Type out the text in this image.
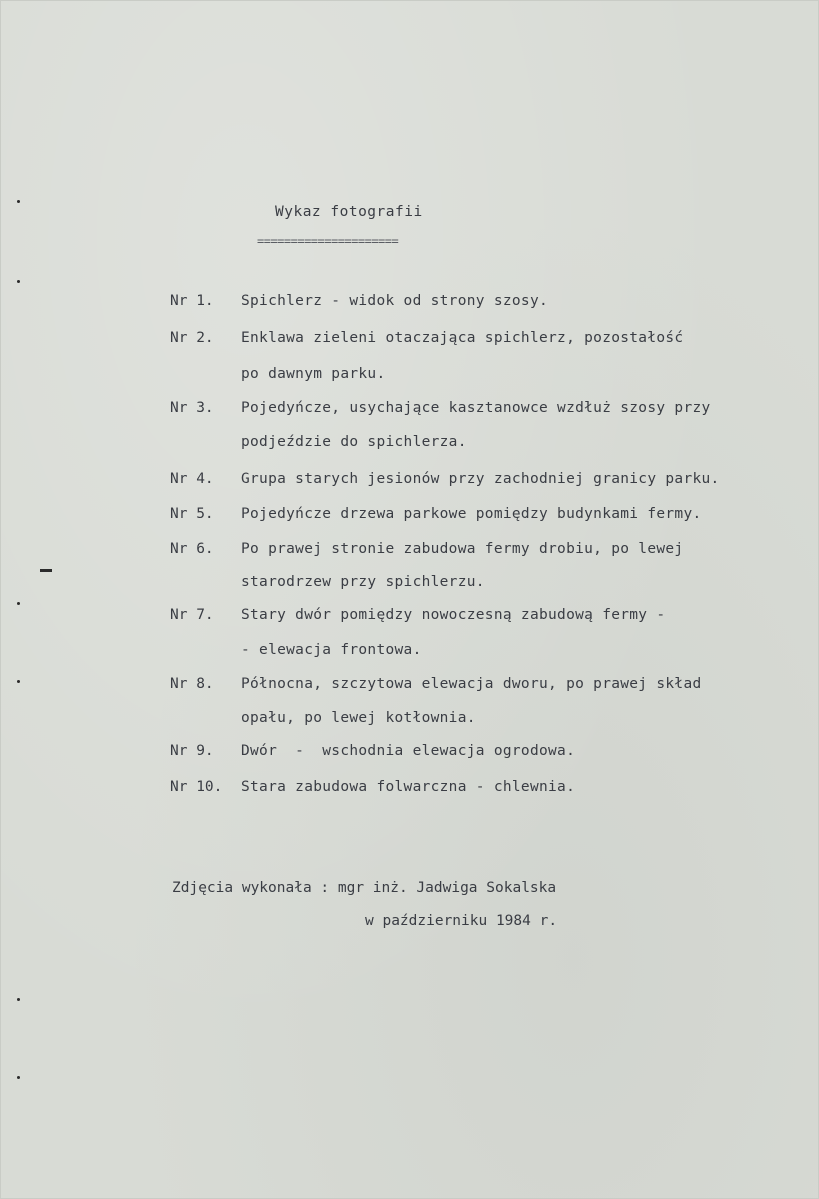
Wykaz fotografii
=====================
Nr 1. Spichlerz - widok od strony szosy.
Nr 2. Enklawa zieleni otaczająca spichlerz, pozostałość
po dawnym parku.
Nr 3. Pojedyńcze, usychające kasztanowce wzdłuż szosy przy
podjeździe do spichlerza.
Nr 4. Grupa starych jesionów przy zachodniej granicy parku.
Nr 5. Pojedyńcze drzewa parkowe pomiędzy budynkami fermy.
Nr 6. Po prawej stronie zabudowa fermy drobiu, po lewej
starodrzew przy spichlerzu.
Nr 7. Stary dwór pomiędzy nowoczesną zabudową fermy -
- elewacja frontowa.
Nr 8. Północna, szczytowa elewacja dworu, po prawej skład
opału, po lewej kotłownia.
Nr 9. Dwór  -  wschodnia elewacja ogrodowa.
Nr 10. Stara zabudowa folwarczna - chlewnia.
Zdjęcia wykonała : mgr inż. Jadwiga Sokalska
w październiku 1984 r.
